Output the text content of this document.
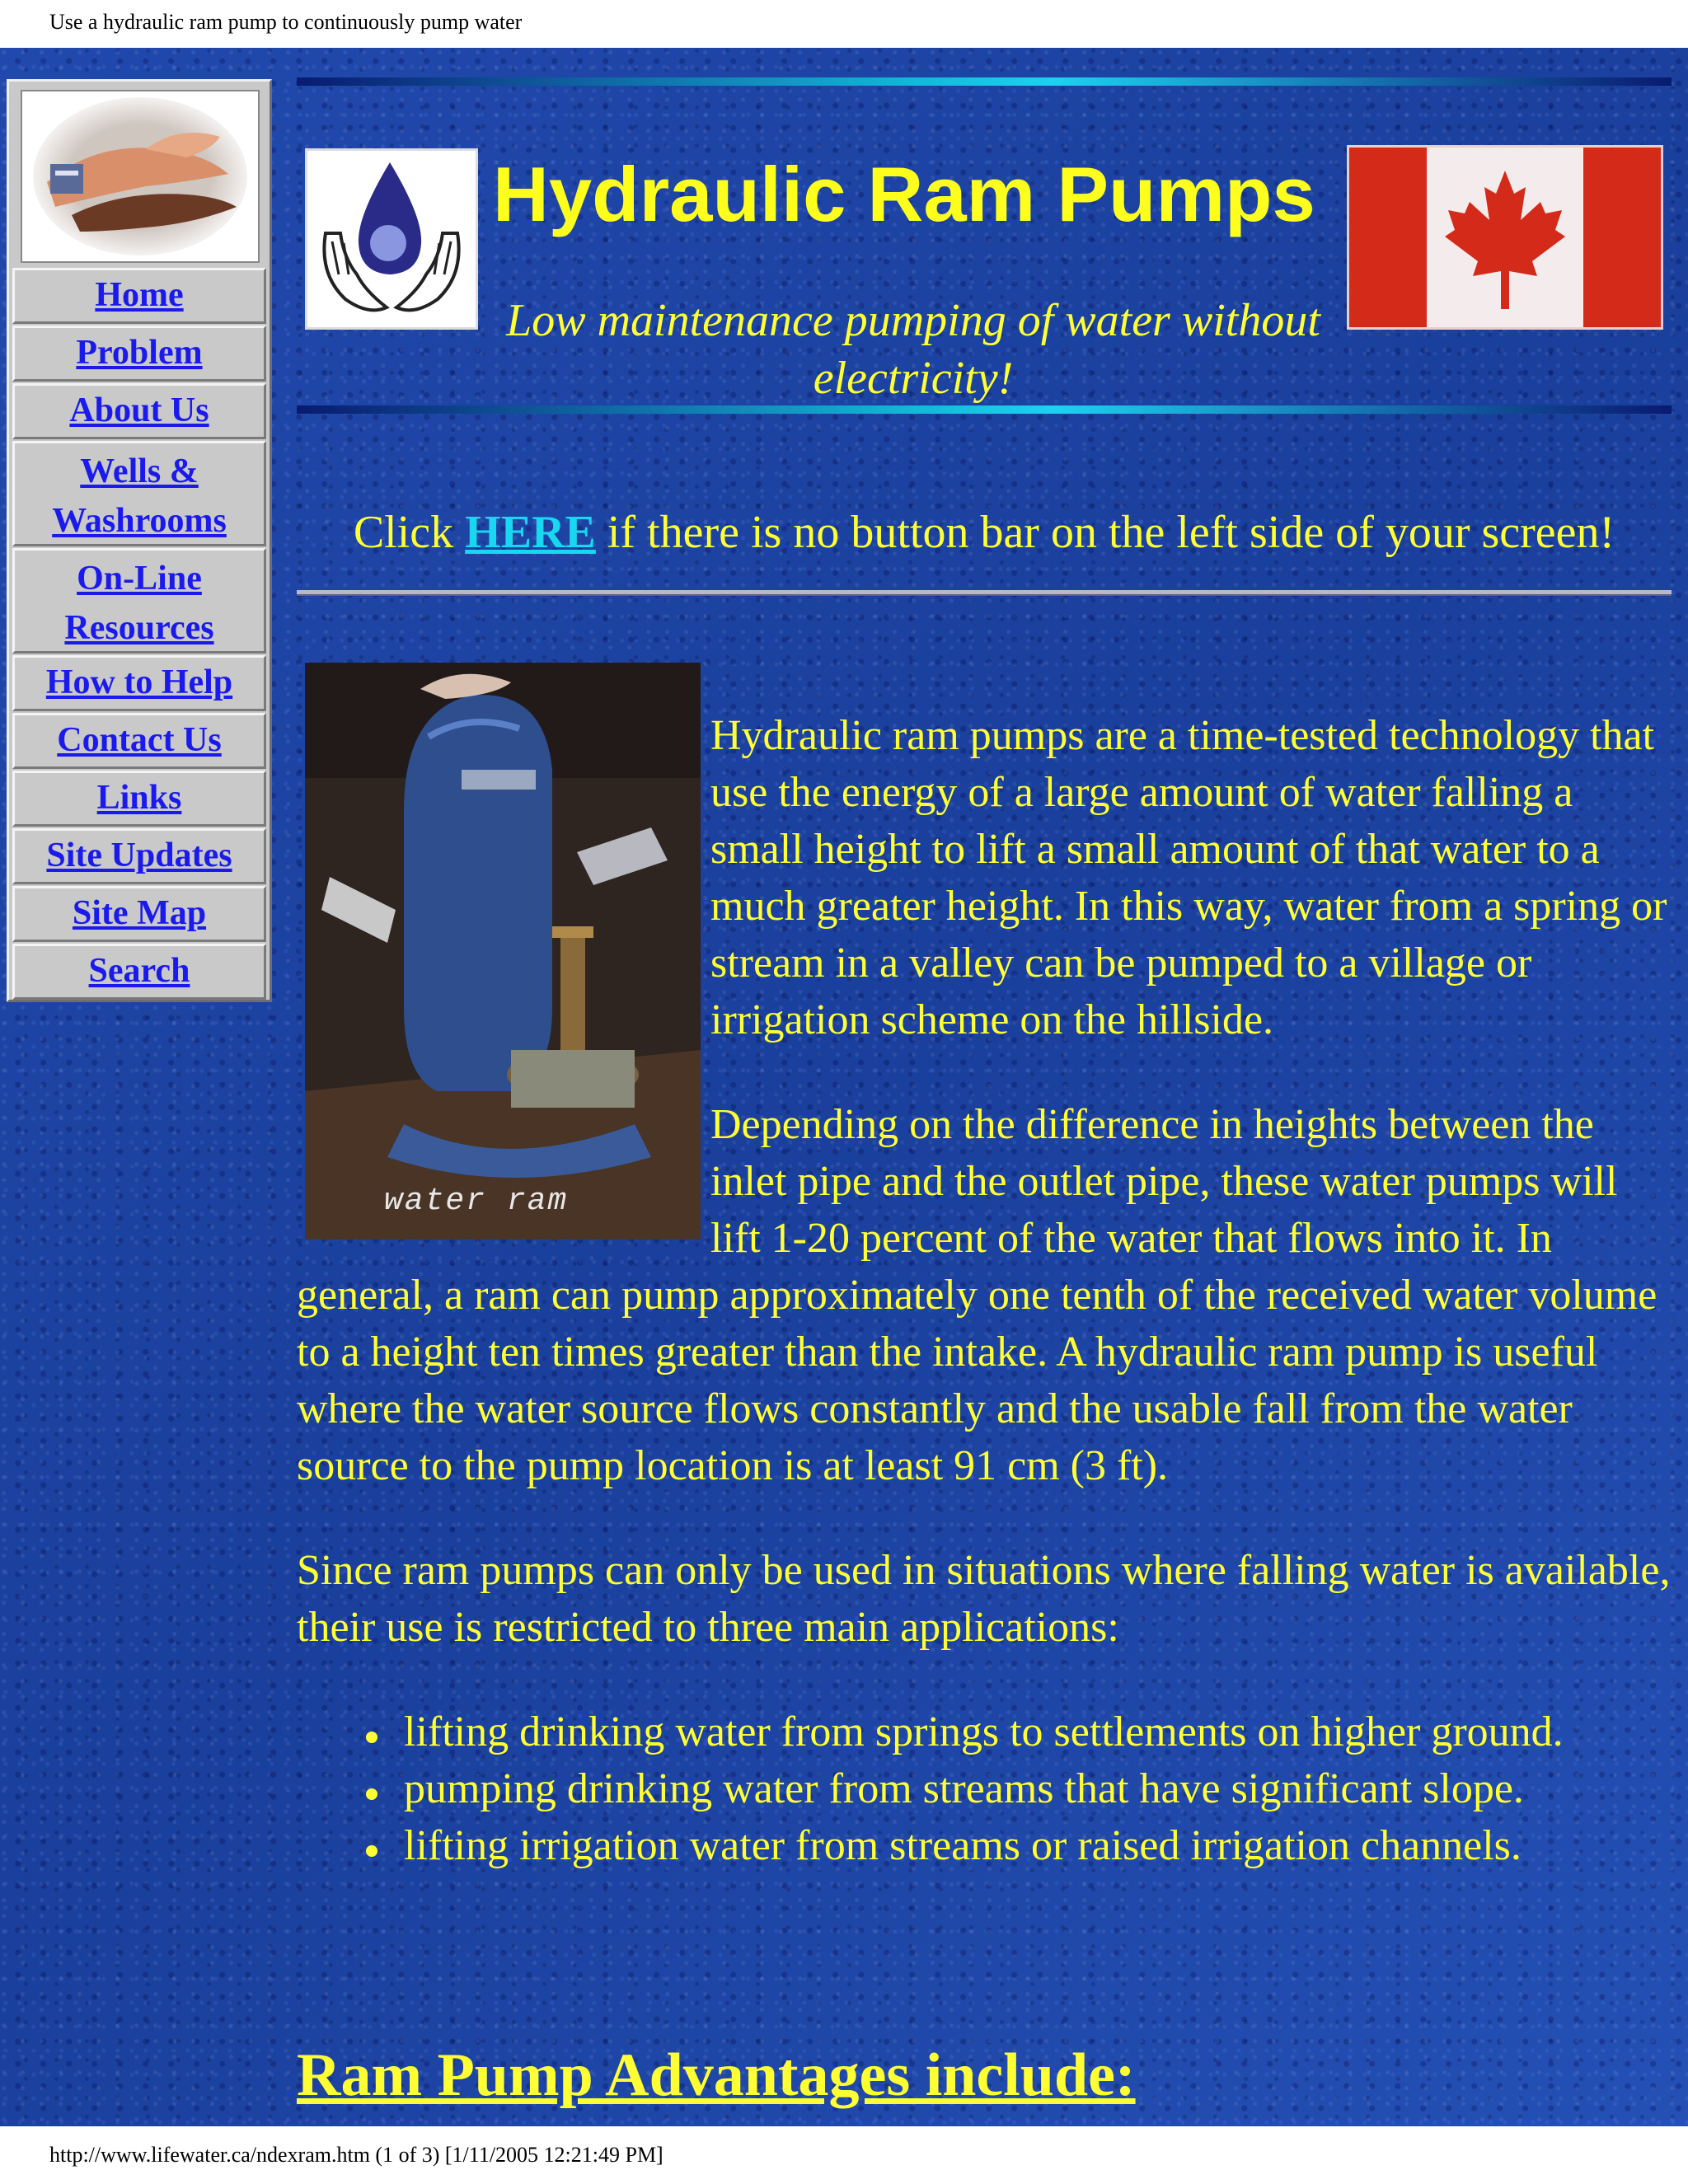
Use a hydraulic ram pump to continuously pump water
Home
Problem
About Us
Wells & Washrooms
On-Line Resources
How to Help
Contact Us
Links
Site Updates
Site Map
Search
Hydraulic Ram Pumps
Low maintenance pumping of water without electricity!
Click HERE if there is no button bar on the left side of your screen!
water ram

Hydraulic ram pumps are a time-tested technology that use the energy of a large amount of water falling a small height to lift a small amount of that water to a much greater height. In this way, water from a spring or stream in a valley can be pumped to a village or irrigation scheme on the hillside.

Depending on the difference in heights between the inlet pipe and the outlet pipe, these water pumps will lift 1-20 percent of the water that flows into it. In general, a ram can pump approximately one tenth of the received water volume to a height ten times greater than the intake. A hydraulic ram pump is useful where the water source flows constantly and the usable fall from the water source to the pump location is at least 91 cm (3 ft).

Since ram pumps can only be used in situations where falling water is available, their use is restricted to three main applications:

lifting drinking water from springs to settlements on higher ground.
pumping drinking water from streams that have significant slope.
lifting irrigation water from streams or raised irrigation channels.
Ram Pump Advantages include:
http://www.lifewater.ca/ndexram.htm (1 of 3) [1/11/2005 12:21:49 PM]
